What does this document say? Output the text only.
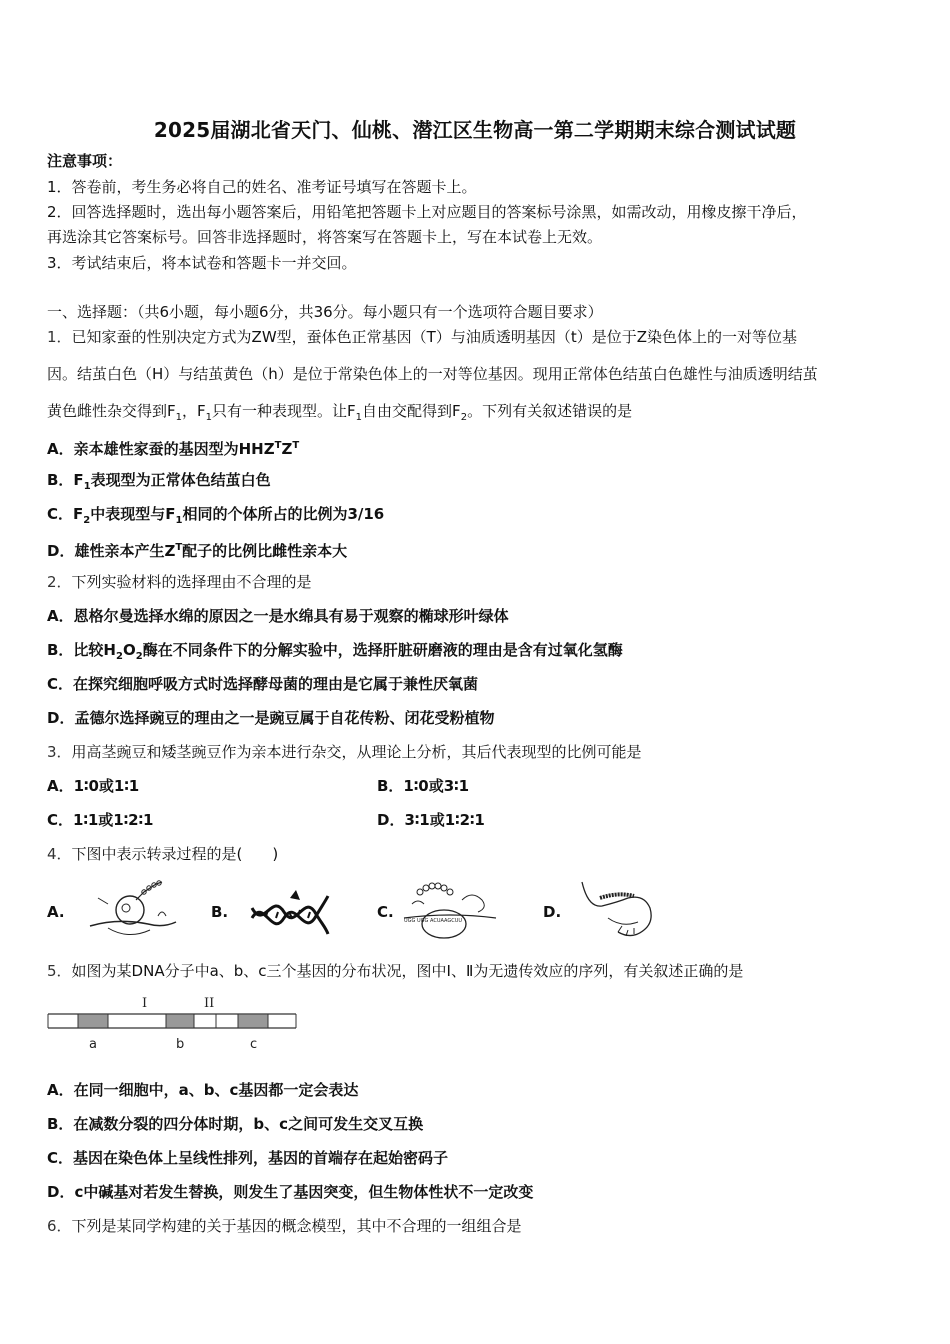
2025届湖北省天门、仙桃、潜江区生物高一第二学期期末综合测试试题
注意事项：
1．答卷前，考生务必将自己的姓名、准考证号填写在答题卡上。
2．回答选择题时，选出每小题答案后，用铅笔把答题卡上对应题目的答案标号涂黑，如需改动，用橡皮擦干净后，
再选涂其它答案标号。回答非选择题时，将答案写在答题卡上，写在本试卷上无效。
3．考试结束后，将本试卷和答题卡一并交回。
一、选择题：（共6小题，每小题6分，共36分。每小题只有一个选项符合题目要求）
1．已知家蚕的性别决定方式为ZW型，蚕体色正常基因（T）与油质透明基因（t）是位于Z染色体上的一对等位基
因。结茧白色（H）与结茧黄色（h）是位于常染色体上的一对等位基因。现用正常体色结茧白色雄性与油质透明结茧
黄色雌性杂交得到$F_1$，$F_1$只有一种表现型。让$F_1$自由交配得到$F_2$。下列有关叙述错误的是
A．亲本雄性家蚕的基因型为$HHZ^TZ^T$
B．$F_1$表现型为正常体色结茧白色
C．$F_2$中表现型与$F_1$相同的个体所占的比例为3/16
D．雄性亲本产生$Z^T$配子的比例比雌性亲本大
2．下列实验材料的选择理由不合理的是
A．恩格尔曼选择水绵的原因之一是水绵具有易于观察的椭球形叶绿体
B．比较$H_2O_2$酶在不同条件下的分解实验中，选择肝脏研磨液的理由是含有过氧化氢酶
C．在探究细胞呼吸方式时选择酵母菌的理由是它属于兼性厌氧菌
D．孟德尔选择豌豆的理由之一是豌豆属于自花传粉、闭花受粉植物
3．用高茎豌豆和矮茎豌豆作为亲本进行杂交，从理论上分析，其后代表现型的比例可能是
A．1∶0或1∶1	B．1∶0或3∶1
C．1∶1或1∶2∶1	D．3∶1或1∶2∶1
4．下图中表示转录过程的是(　　)
A.	B.	C. UGG UGG ACUAAGCUU	D.
5．如图为某DNA分子中a、b、c三个基因的分布状况，图中Ⅰ、Ⅱ为无遗传效应的序列，有关叙述正确的是
I	II
a	b	c
A．在同一细胞中，a、b、c基因都一定会表达
B．在减数分裂的四分体时期，b、c之间可发生交叉互换
C．基因在染色体上呈线性排列，基因的首端存在起始密码子
D．c中碱基对若发生替换，则发生了基因突变，但生物体性状不一定改变
6．下列是某同学构建的关于基因的概念模型，其中不合理的一组组合是
